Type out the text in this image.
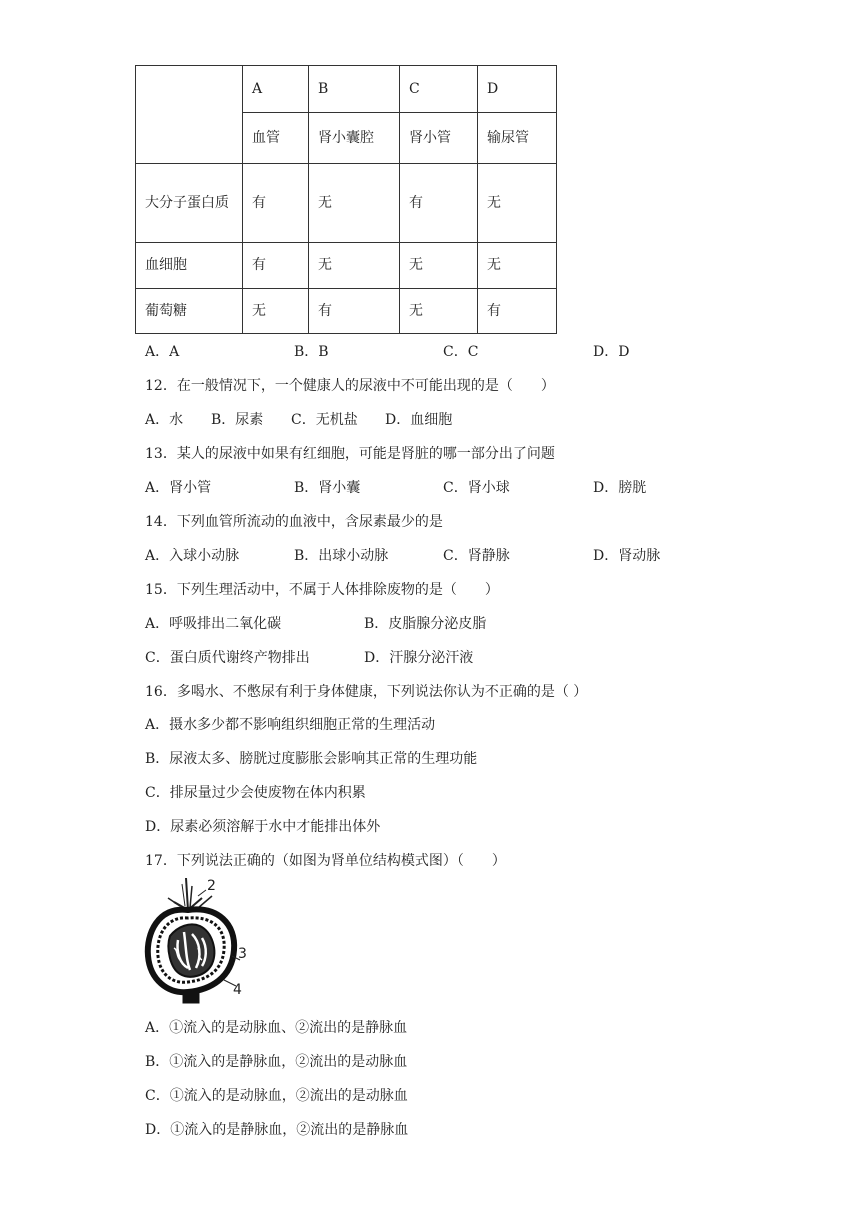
	A	B	C	D
	血管	肾小囊腔	肾小管	输尿管
大分子蛋白质	有	无	有	无
血细胞	有	无	无	无
葡萄糖	无	有	无	有
A．A	B．B	C．C	D．D
12．在一般情况下，一个健康人的尿液中不可能出现的是（　　）
A．水 B．尿素 C．无机盐 D．血细胞
13．某人的尿液中如果有红细胞，可能是肾脏的哪一部分出了问题
A．肾小管	B．肾小囊	C．肾小球	D．膀胱
14．下列血管所流动的血液中，含尿素最少的是
A．入球小动脉	B．出球小动脉	C．肾静脉	D．肾动脉
15．下列生理活动中，不属于人体排除废物的是（　　）
A．呼吸排出二氧化碳	B．皮脂腺分泌皮脂
C．蛋白质代谢终产物排出	D．汗腺分泌汗液
16．多喝水、不憋尿有利于身体健康，下列说法你认为不正确的是（ ）
A．摄水多少都不影响组织细胞正常的生理活动
B．尿液太多、膀胱过度膨胀会影响其正常的生理功能
C．排尿量过少会使废物在体内积累
D．尿素必须溶解于水中才能排出体外
17．下列说法正确的（如图为肾单位结构模式图）（　　）
2
3
4
A．①流入的是动脉血、②流出的是静脉血
B．①流入的是静脉血，②流出的是动脉血
C．①流入的是动脉血，②流出的是动脉血
D．①流入的是静脉血，②流出的是静脉血
